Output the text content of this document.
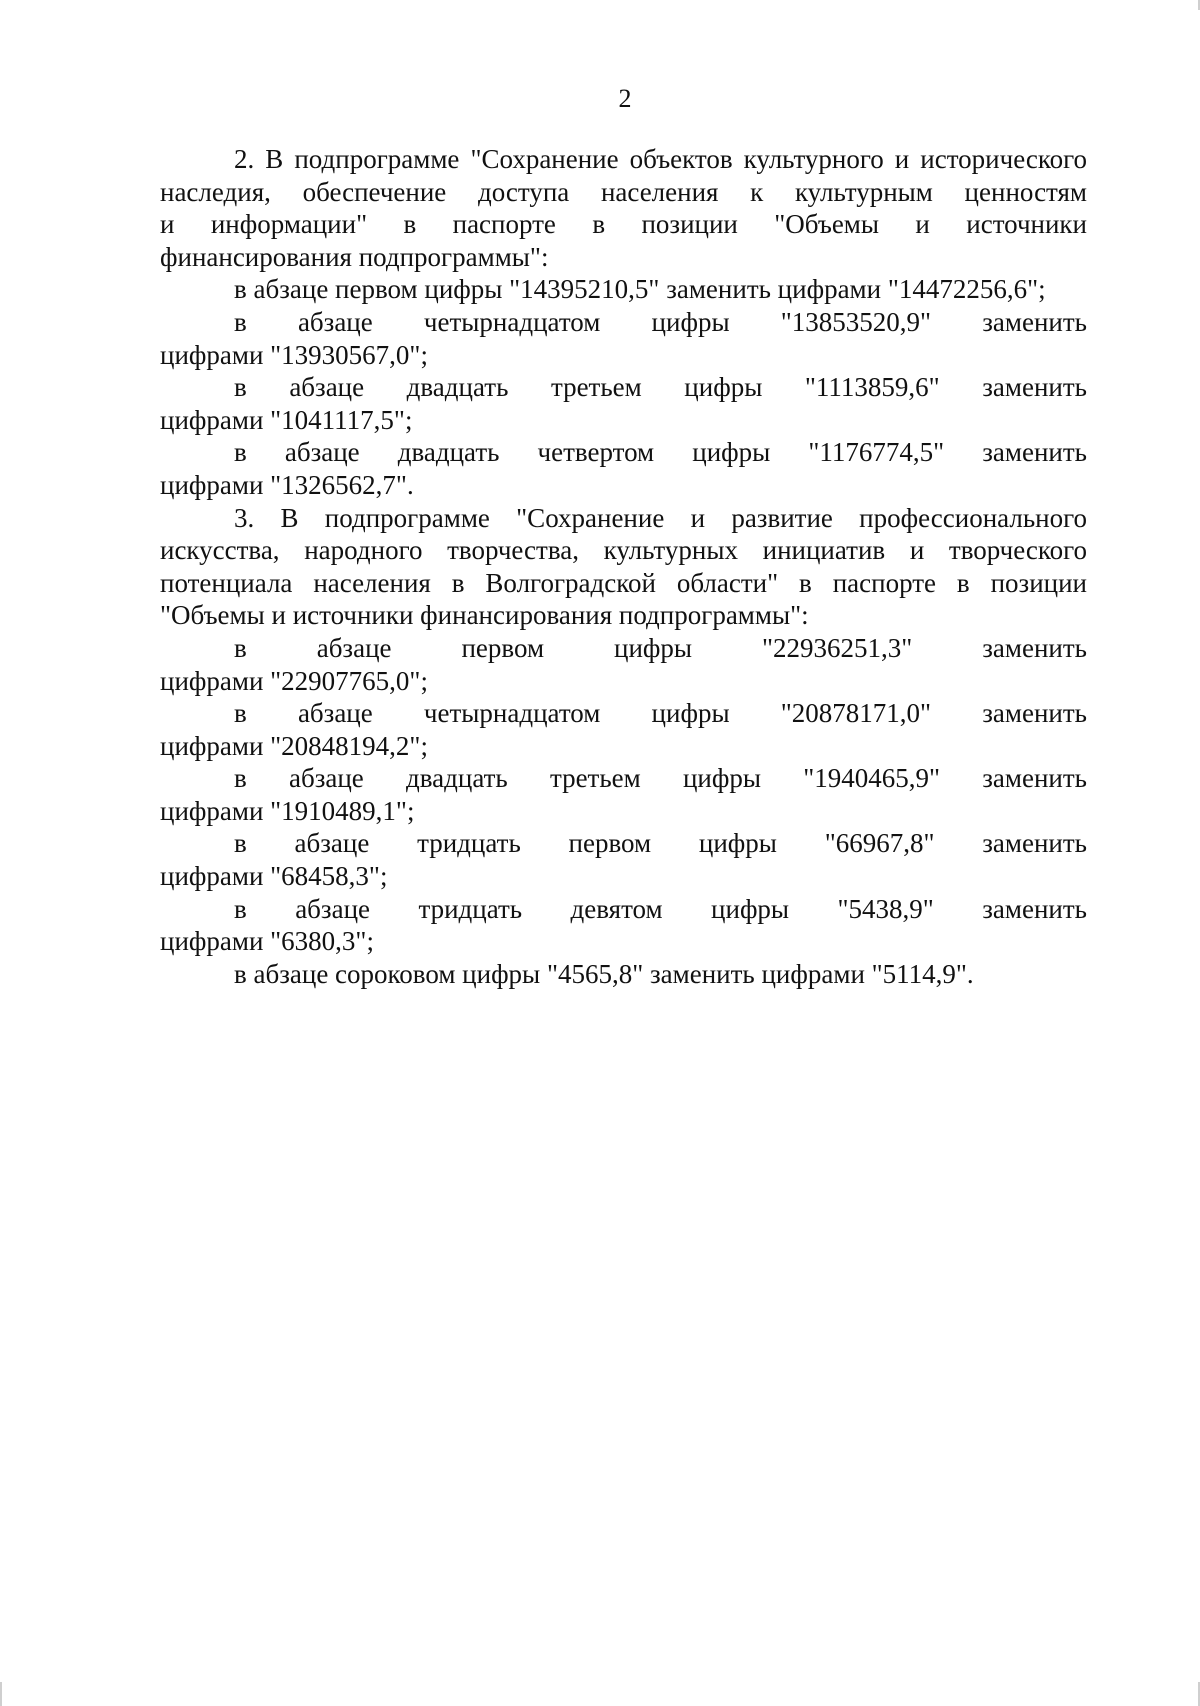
2
2. В подпрограмме "Сохранение объектов культурного и исторического
наследия, обеспечение доступа населения к культурным ценностям
и информации" в паспорте в позиции "Объемы и источники
финансирования подпрограммы":
в абзаце первом цифры "14395210,5" заменить цифрами "14472256,6";
в абзаце четырнадцатом цифры "13853520,9" заменить
цифрами "13930567,0";
в абзаце двадцать третьем цифры "1113859,6" заменить
цифрами "1041117,5";
в абзаце двадцать четвертом цифры "1176774,5" заменить
цифрами "1326562,7".
3. В подпрограмме "Сохранение и развитие профессионального
искусства, народного творчества, культурных инициатив и творческого
потенциала населения в Волгоградской области" в паспорте в позиции
"Объемы и источники финансирования подпрограммы":
в абзаце первом цифры "22936251,3" заменить
цифрами "22907765,0";
в абзаце четырнадцатом цифры "20878171,0" заменить
цифрами "20848194,2";
в абзаце двадцать третьем цифры "1940465,9" заменить
цифрами "1910489,1";
в абзаце тридцать первом цифры "66967,8" заменить
цифрами "68458,3";
в абзаце тридцать девятом цифры "5438,9" заменить
цифрами "6380,3";
в абзаце сороковом цифры "4565,8" заменить цифрами "5114,9".
